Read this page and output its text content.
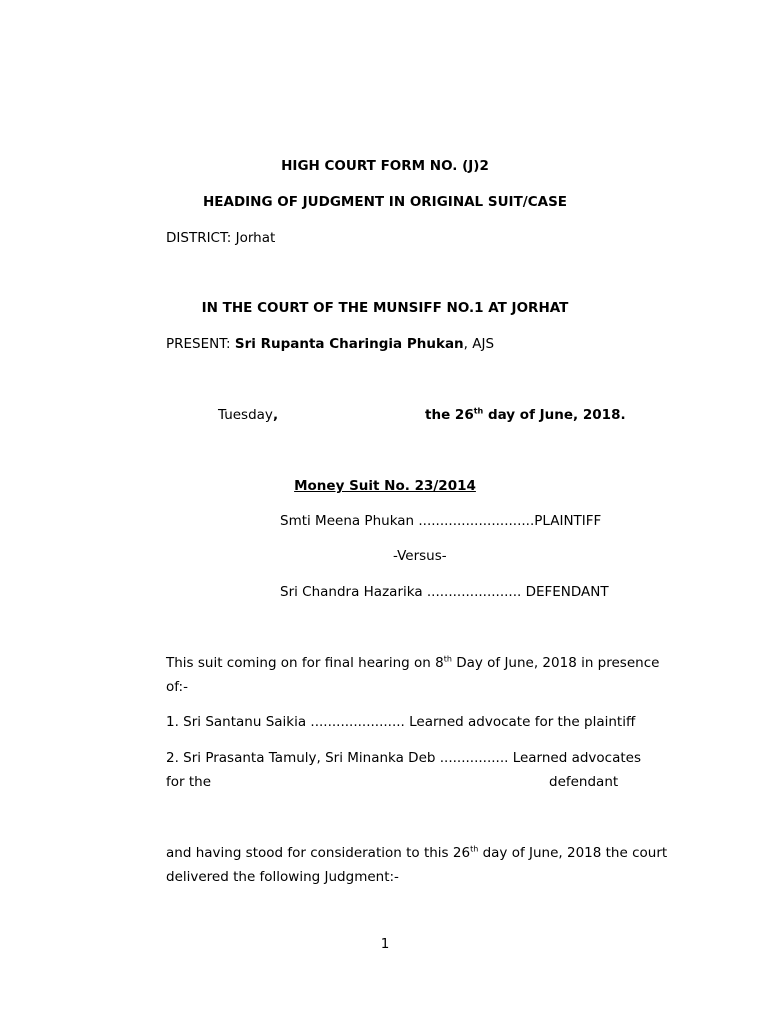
HIGH COURT FORM NO. (J)2
HEADING OF JUDGMENT IN ORIGINAL SUIT/CASE
DISTRICT: Jorhat
IN THE COURT OF THE MUNSIFF NO.1 AT JORHAT
PRESENT: Sri Rupanta Charingia Phukan, AJS
Tuesday,	the 26th day of June, 2018.
Money Suit No. 23/2014
Smti Meena Phukan ...........................PLAINTIFF
-Versus-
Sri Chandra Hazarika ...................... DEFENDANT
This suit coming on for final hearing on 8th Day of June, 2018 in presence of:-
1. Sri Santanu Saikia ...................... Learned advocate for the plaintiff
2. Sri Prasanta Tamuly, Sri Minanka Deb ................ Learned advocates
for the	defendant
and having stood for consideration to this 26th day of June, 2018 the court delivered the following Judgment:-
1
